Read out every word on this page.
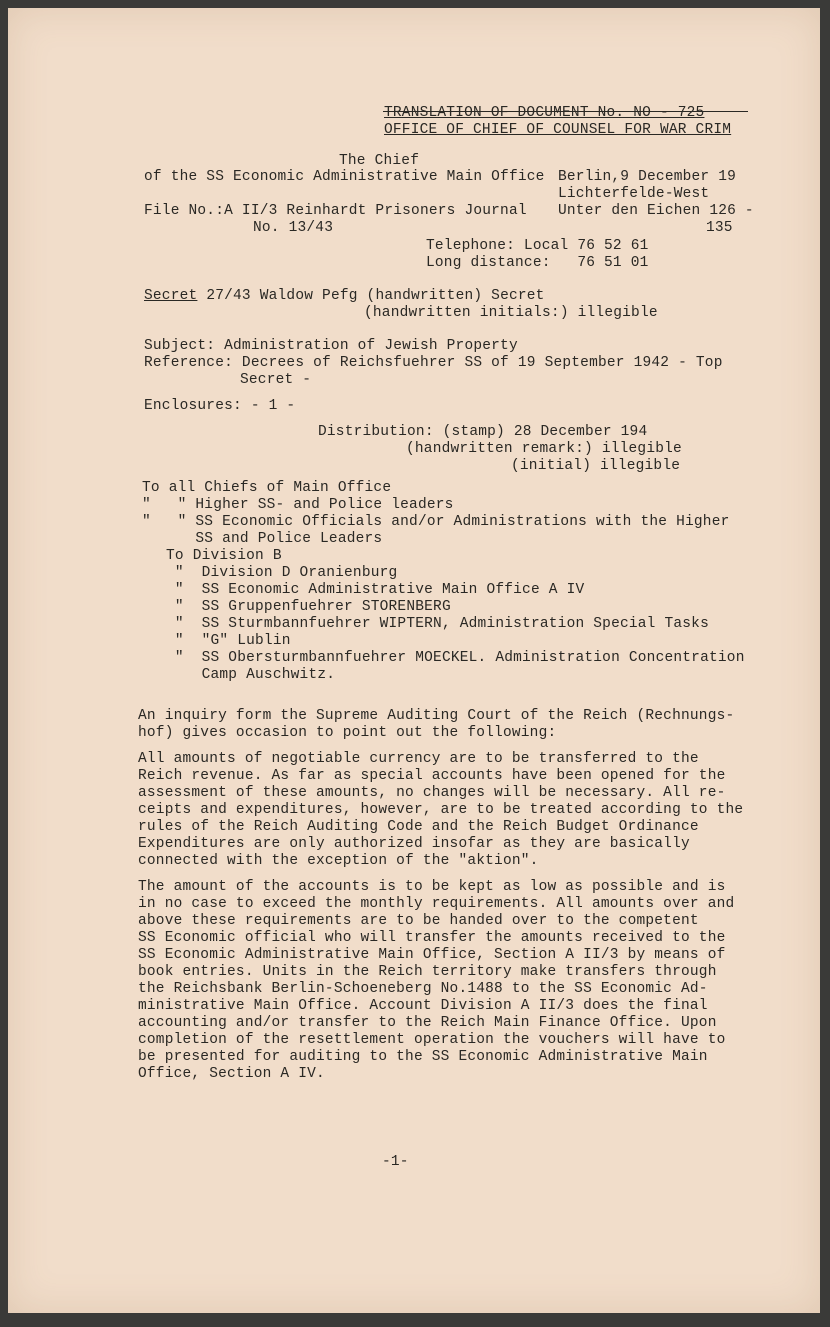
TRANSLATION OF DOCUMENT No. NO - 725
OFFICE OF CHIEF OF COUNSEL FOR WAR CRIM
The Chief
of the SS Economic Administrative Main Office
File No.:A II/3 Reinhardt Prisoners Journal
No. 13/43
Berlin,9 December 19
Lichterfelde-West
Unter den Eichen 126 -
135
Telephone: Local 76 52 61
Long distance:   76 51 01
Secret 27/43 Waldow Pefg (handwritten) Secret
(handwritten initials:) illegible
Subject: Administration of Jewish Property
Reference: Decrees of Reichsfuehrer SS of 19 September 1942 - Top
Secret -
Enclosures: - 1 -
Distribution: (stamp) 28 December 194
(handwritten remark:) illegible
(initial) illegible
To all Chiefs of Main Office
"   " Higher SS- and Police leaders
"   " SS Economic Officials and/or Administrations with the Higher
SS and Police Leaders
To Division B
"  Division D Oranienburg
"  SS Economic Administrative Main Office A IV
"  SS Gruppenfuehrer STORENBERG
"  SS Sturmbannfuehrer WIPTERN, Administration Special Tasks
"  "G" Lublin
"  SS Obersturmbannfuehrer MOECKEL. Administration Concentration
Camp Auschwitz.
An inquiry form the Supreme Auditing Court of the Reich (Rechnungs-
hof) gives occasion to point out the following:
All amounts of negotiable currency are to be transferred to the
Reich revenue. As far as special accounts have been opened for the
assessment of these amounts, no changes will be necessary. All re-
ceipts and expenditures, however, are to be treated according to the
rules of the Reich Auditing Code and the Reich Budget Ordinance
Expenditures are only authorized insofar as they are basically
connected with the exception of the "aktion".
The amount of the accounts is to be kept as low as possible and is
in no case to exceed the monthly requirements. All amounts over and
above these requirements are to be handed over to the competent
SS Economic official who will transfer the amounts received to the
SS Economic Administrative Main Office, Section A II/3 by means of
book entries. Units in the Reich territory make transfers through
the Reichsbank Berlin-Schoeneberg No.1488 to the SS Economic Ad-
ministrative Main Office. Account Division A II/3 does the final
accounting and/or transfer to the Reich Main Finance Office. Upon
completion of the resettlement operation the vouchers will have to
be presented for auditing to the SS Economic Administrative Main
Office, Section A IV.
-1-
